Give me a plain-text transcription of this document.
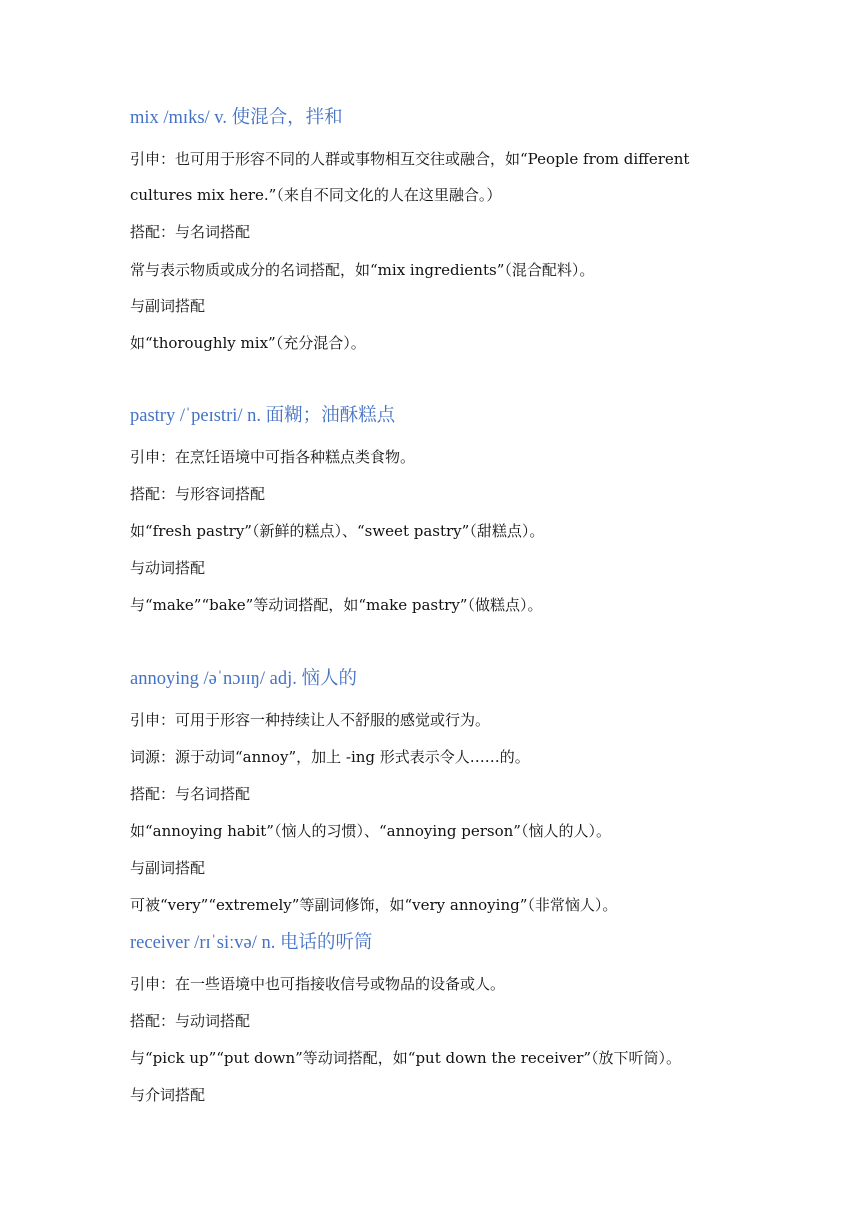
mix /mɪks/ v. 使混合，拌和

引申：也可用于形容不同的人群或事物相互交往或融合，如“People from different
cultures mix here.”（来自不同文化的人在这里融合。）
搭配：与名词搭配
常与表示物质或成分的名词搭配，如“mix ingredients”（混合配料）。
与副词搭配
如“thoroughly mix”（充分混合）。

pastry /ˈpeɪstri/ n. 面糊；油酥糕点

引申：在烹饪语境中可指各种糕点类食物。
搭配：与形容词搭配
如“fresh pastry”（新鲜的糕点）、“sweet pastry”（甜糕点）。
与动词搭配
与“make”“bake”等动词搭配，如“make pastry”（做糕点）。

annoying /əˈnɔɪɪŋ/ adj. 恼人的

引申：可用于形容一种持续让人不舒服的感觉或行为。
词源：源于动词“annoy”，加上 -ing 形式表示令人……的。
搭配：与名词搭配
如“annoying habit”（恼人的习惯）、“annoying person”（恼人的人）。
与副词搭配
可被“very”“extremely”等副词修饰，如“very annoying”（非常恼人）。

receiver /rɪˈsiːvə/ n. 电话的听筒

引申：在一些语境中也可指接收信号或物品的设备或人。
搭配：与动词搭配
与“pick up”“put down”等动词搭配，如“put down the receiver”（放下听筒）。
与介词搭配
